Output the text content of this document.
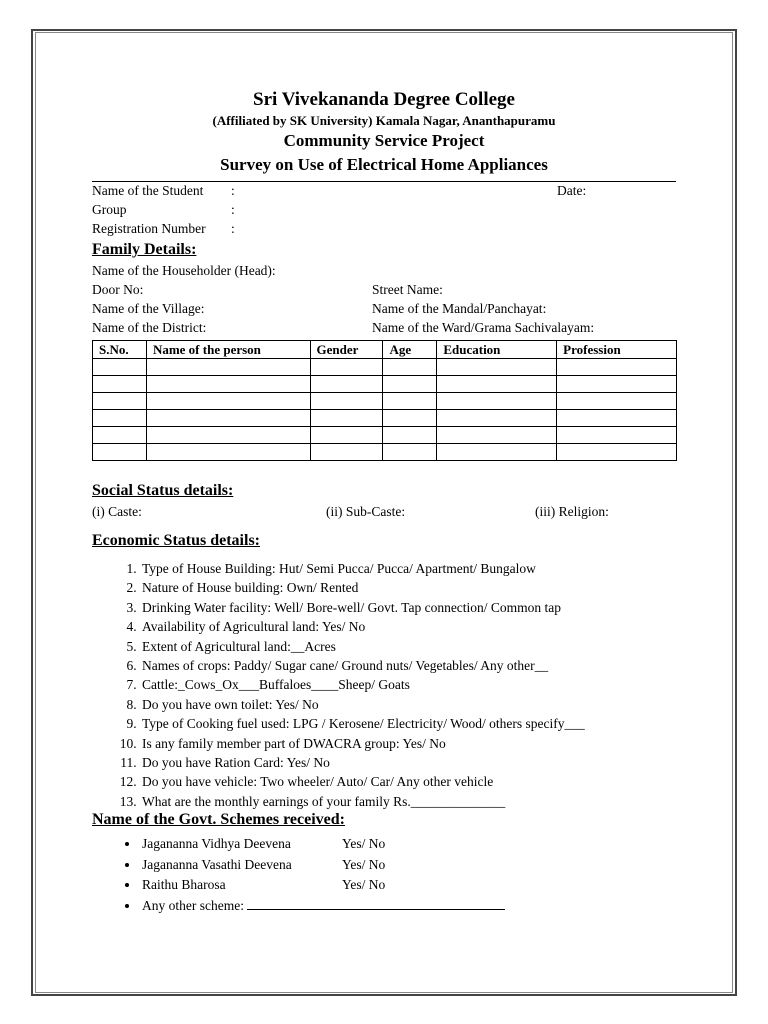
Sri Vivekananda Degree College
(Affiliated by SK University) Kamala Nagar, Ananthapuramu
Community Service Project
Survey on Use of Electrical Home Appliances
Name of the Student :	Date:
Group	:
Registration Number :
Family Details:
Name of the Householder (Head):
Door No:	Street Name:
Name of the Village:	Name of the Mandal/Panchayat:
Name of the District:	Name of the Ward/Grama Sachivalayam:
S.No.	Name of the person	Gender	Age	Education	Profession

Social Status details:
(i) Caste:	(ii) Sub-Caste:	(iii) Religion:
Economic Status details:
1. Type of House Building: Hut/ Semi Pucca/ Pucca/ Apartment/ Bungalow
2. Nature of House building: Own/ Rented
3. Drinking Water facility: Well/ Bore-well/ Govt. Tap connection/ Common tap
4. Availability of Agricultural land: Yes/ No
5. Extent of Agricultural land:__Acres
6. Names of crops: Paddy/ Sugar cane/ Ground nuts/ Vegetables/ Any other__
7. Cattle:_Cows_Ox___Buffaloes____Sheep/ Goats
8. Do you have own toilet: Yes/ No
9. Type of Cooking fuel used: LPG / Kerosene/ Electricity/ Wood/ others specify___
10. Is any family member part of DWACRA group: Yes/ No
11. Do you have Ration Card: Yes/ No
12. Do you have vehicle: Two wheeler/ Auto/ Car/ Any other vehicle
13. What are the monthly earnings of your family Rs.______________
Name of the Govt. Schemes received:
• Jagananna Vidhya Deevena	Yes/ No
• Jagananna Vasathi Deevena	Yes/ No
• Raithu Bharosa	Yes/ No
• Any other scheme:
